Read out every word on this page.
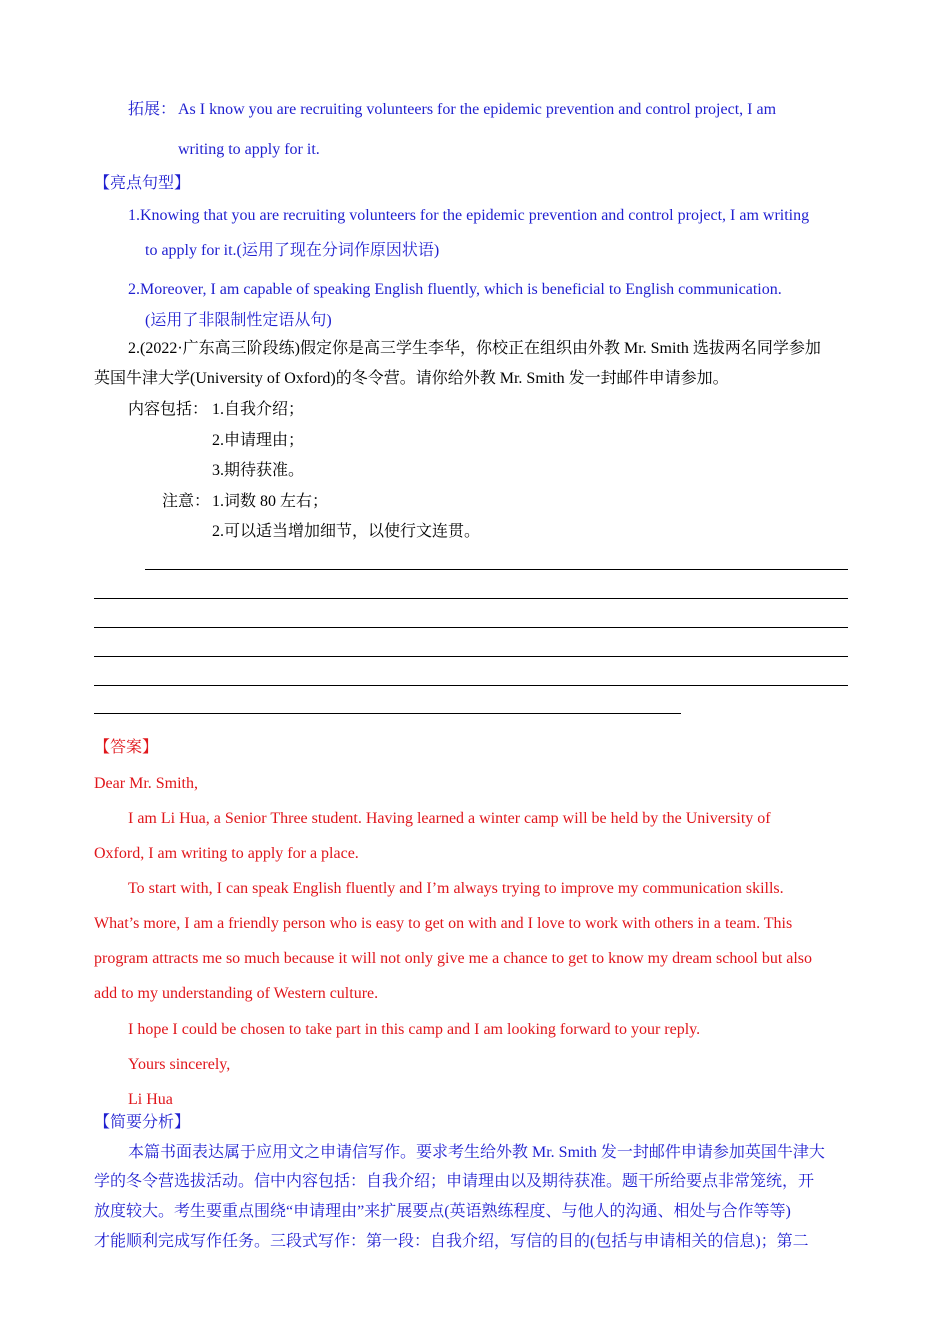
拓展： As I know you are recruiting volunteers for the epidemic prevention and control project, I am
writing to apply for it.
【亮点句型】
1.Knowing that you are recruiting volunteers for the epidemic prevention and control project, I am writing
to apply for it.(运用了现在分词作原因状语)
2.Moreover, I am capable of speaking English fluently, which is beneficial to English communication.
(运用了非限制性定语从句)
2.(2022·广东高三阶段练)假定你是高三学生李华，你校正在组织由外教 Mr. Smith 选拔两名同学参加
英国牛津大学(University of Oxford)的冬令营。请你给外教 Mr. Smith 发一封邮件申请参加。
内容包括： 1.自我介绍；
2.申请理由；
3.期待获准。
注意： 1.词数 80 左右；
2.可以适当增加细节，以使行文连贯。
【答案】
Dear Mr. Smith,
I am Li Hua, a Senior Three student. Having learned a winter camp will be held by the University of
Oxford, I am writing to apply for a place.
To start with, I can speak English fluently and I’m always trying to improve my communication skills.
What’s more, I am a friendly person who is easy to get on with and I love to work with others in a team. This
program attracts me so much because it will not only give me a chance to get to know my dream school but also
add to my understanding of Western culture.
I hope I could be chosen to take part in this camp and I am looking forward to your reply.
Yours sincerely,
Li Hua
【简要分析】
本篇书面表达属于应用文之申请信写作。要求考生给外教 Mr. Smith 发一封邮件申请参加英国牛津大
学的冬令营选拔活动。信中内容包括：自我介绍；申请理由以及期待获准。题干所给要点非常笼统，开
放度较大。考生要重点围绕“申请理由”来扩展要点(英语熟练程度、与他人的沟通、相处与合作等等)
才能顺利完成写作任务。三段式写作：第一段：自我介绍，写信的目的(包括与申请相关的信息)；第二
